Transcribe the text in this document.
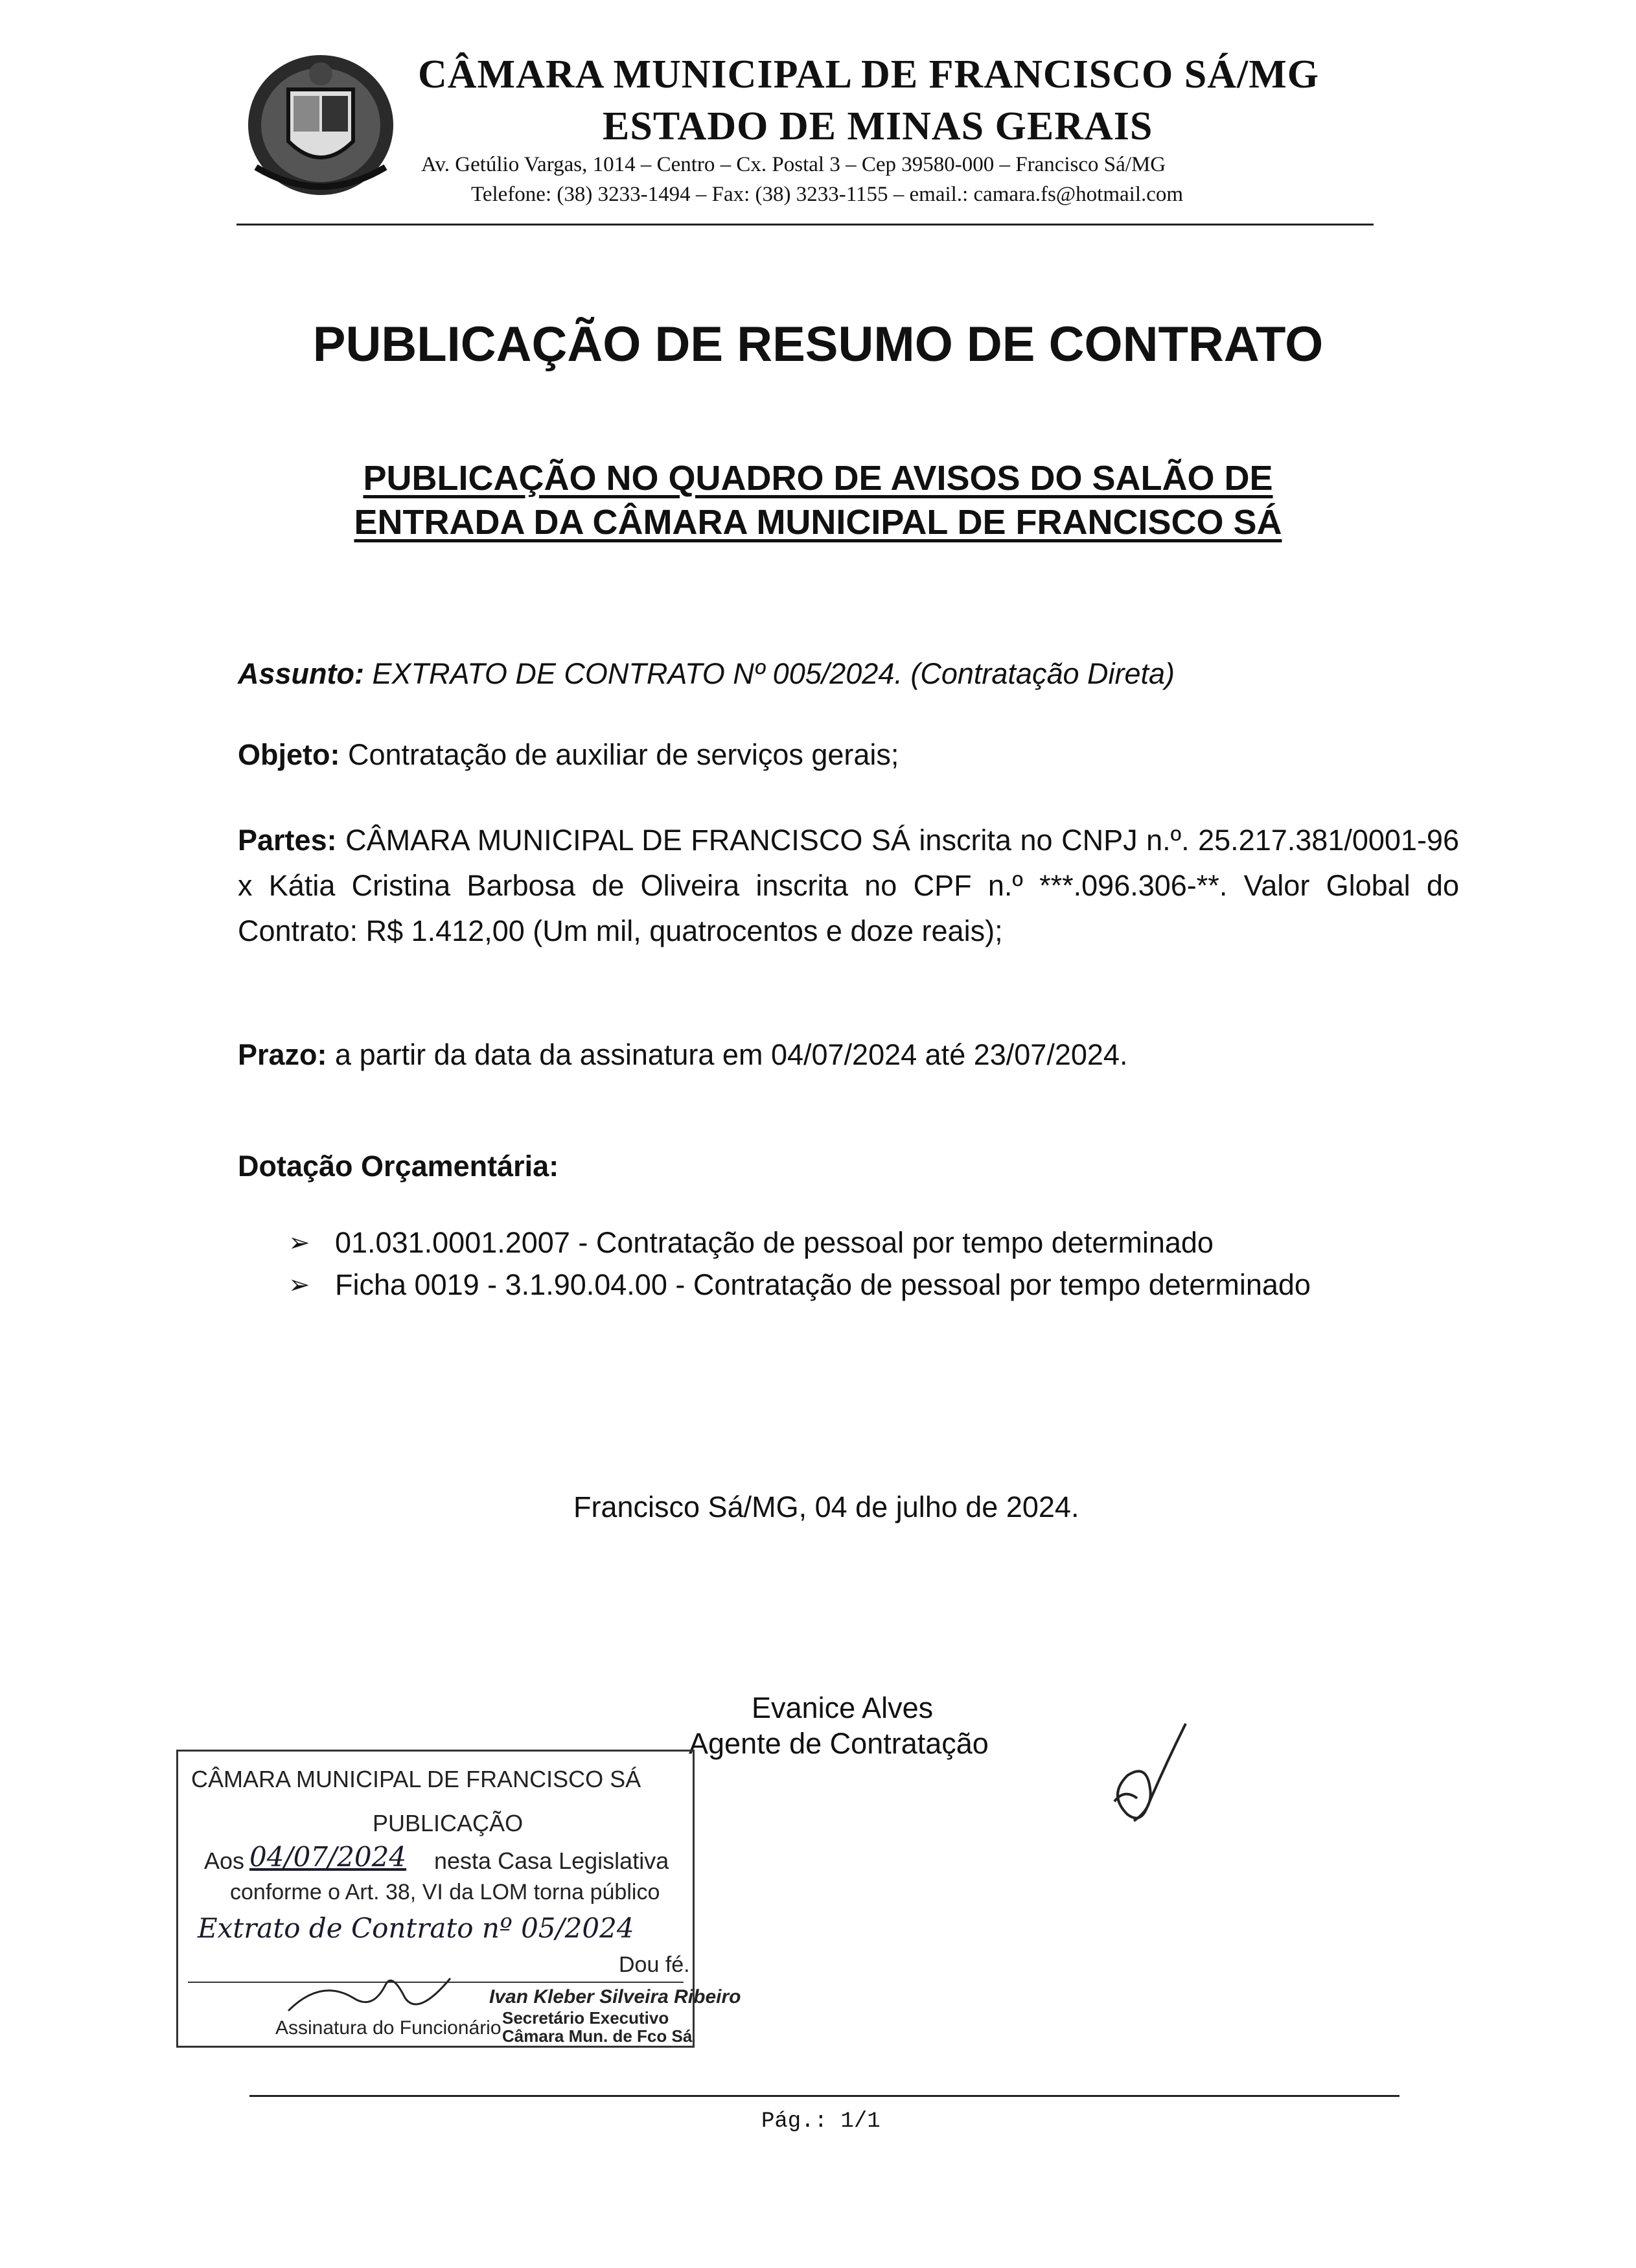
CÂMARA MUNICIPAL DE FRANCISCO SÁ/MG
ESTADO DE MINAS GERAIS
Av. Getúlio Vargas, 1014 – Centro – Cx. Postal 3 – Cep 39580-000 – Francisco Sá/MG
Telefone: (38) 3233-1494 – Fax: (38) 3233-1155 – email.: camara.fs@hotmail.com
PUBLICAÇÃO DE RESUMO DE CONTRATO
PUBLICAÇÃO NO QUADRO DE AVISOS DO SALÃO DE
ENTRADA DA CÂMARA MUNICIPAL DE FRANCISCO SÁ
Assunto: EXTRATO DE CONTRATO Nº 005/2024. (Contratação Direta)
Objeto: Contratação de auxiliar de serviços gerais;
Partes: CÂMARA MUNICIPAL DE FRANCISCO SÁ inscrita no CNPJ n.º. 25.217.381/0001-96 x Kátia Cristina Barbosa de Oliveira inscrita no CPF n.º ***.096.306-**. Valor Global do Contrato: R$ 1.412,00 (Um mil, quatrocentos e doze reais);
Prazo: a partir da data da assinatura em 04/07/2024 até 23/07/2024.
Dotação Orçamentária:
➢ 01.031.0001.2007 - Contratação de pessoal por tempo determinado
➢ Ficha 0019 - 3.1.90.04.00 - Contratação de pessoal por tempo determinado
Francisco Sá/MG, 04 de julho de 2024.
Evanice Alves
Agente de Contratação
CÂMARA MUNICIPAL DE FRANCISCO SÁ
PUBLICAÇÃO
Aos 04/07/2024 nesta Casa Legislativa
conforme o Art. 38, VI da LOM torna público
Extrato de Contrato nº 05/2024
Dou fé.
Ivan Kleber Silveira Ribeiro
Secretário Executivo
Câmara Mun. de Fco Sá
Assinatura do Funcionário
Pág.: 1/1
